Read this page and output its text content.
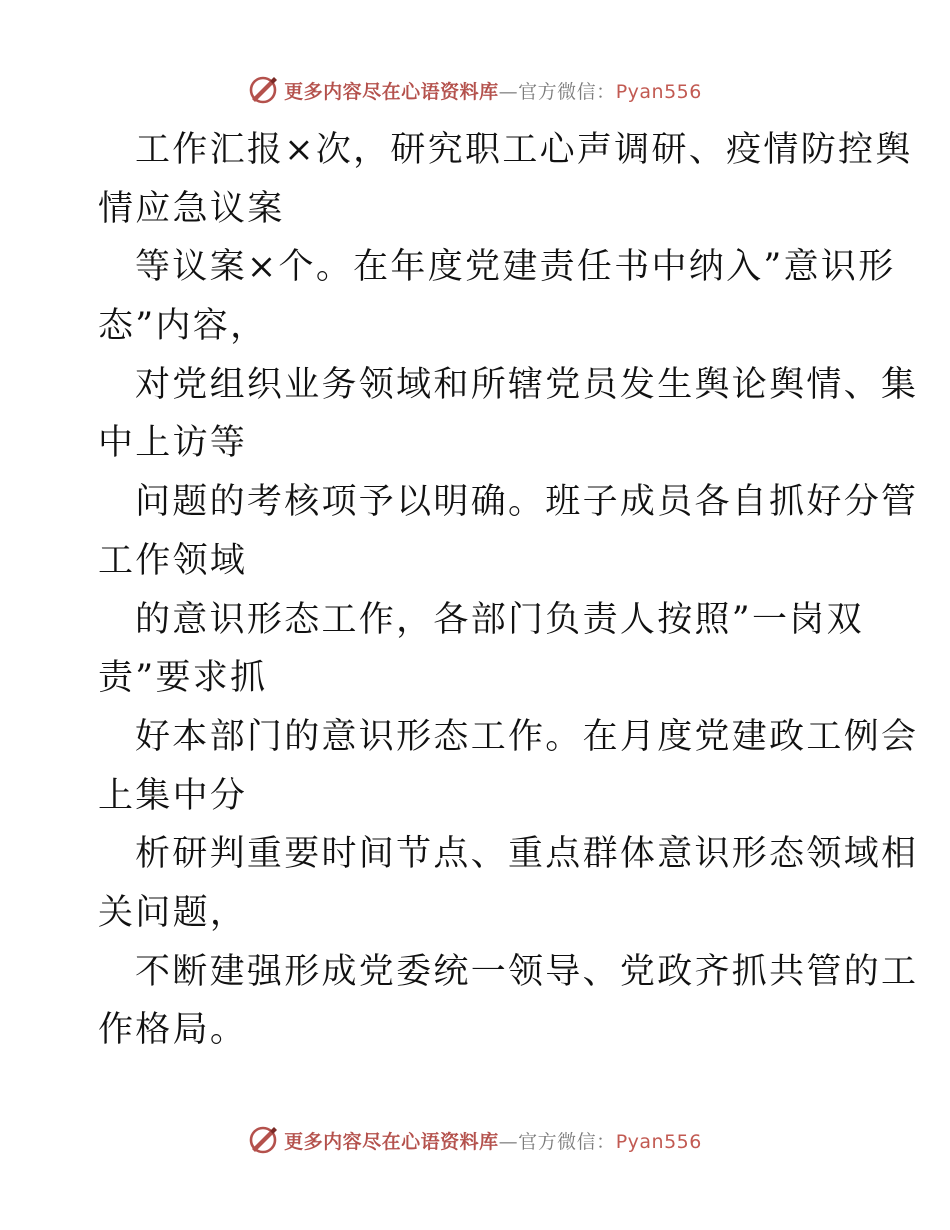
更多内容尽在心语资料库—官方微信：Pyan556
工作汇报×次，研究职工心声调研、疫情防控舆
情应急议案
等议案×个。在年度党建责任书中纳入”意识形
态”内容，
对党组织业务领域和所辖党员发生舆论舆情、集
中上访等
问题的考核项予以明确。班子成员各自抓好分管
工作领域
的意识形态工作，各部门负责人按照”一岗双
责”要求抓
好本部门的意识形态工作。在月度党建政工例会
上集中分
析研判重要时间节点、重点群体意识形态领域相
关问题，
不断建强形成党委统一领导、党政齐抓共管的工
作格局。
更多内容尽在心语资料库—官方微信：Pyan556
